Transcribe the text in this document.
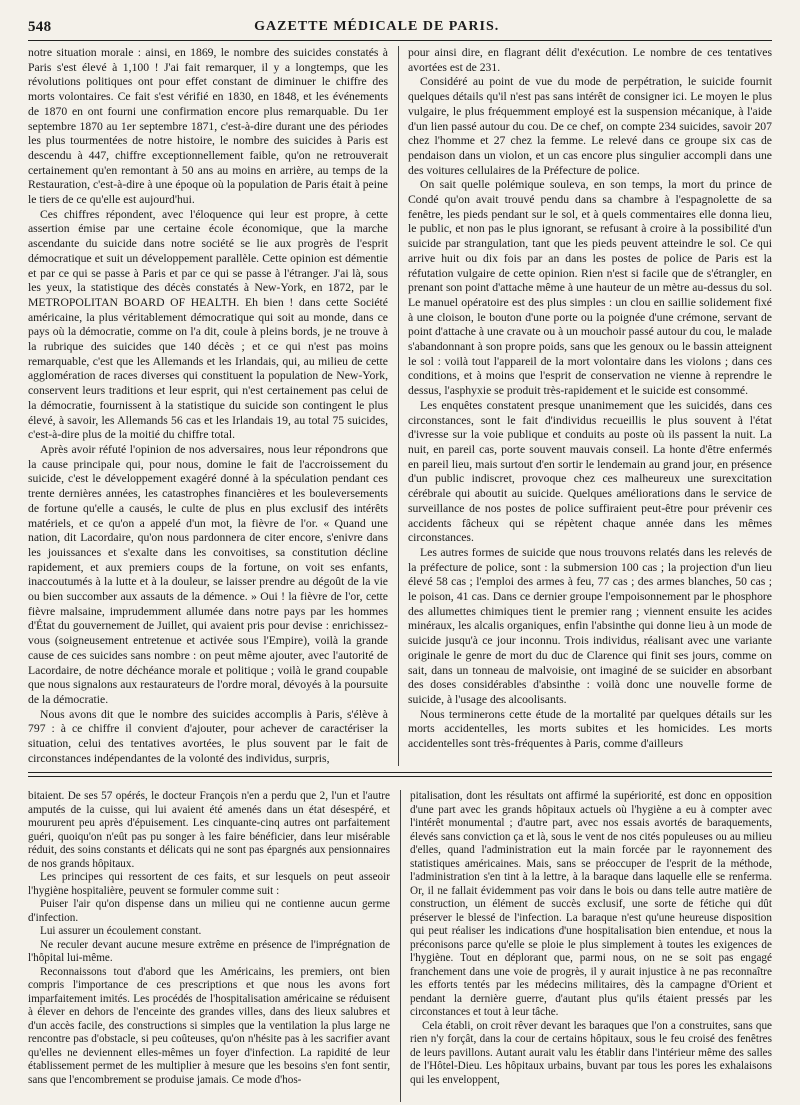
548	GAZETTE MÉDICALE DE PARIS.

notre situation morale : ainsi, en 1869, le nombre des suicides constatés à Paris s'est élevé à 1,100 ! J'ai fait remarquer, il y a longtemps, que les révolutions politiques ont pour effet constant de diminuer le chiffre des morts volontaires. Ce fait s'est vérifié en 1830, en 1848, et les événements de 1870 en ont fourni une confirmation encore plus remarquable. Du 1er septembre 1870 au 1er septembre 1871, c'est-à-dire durant une des périodes les plus tourmentées de notre histoire, le nombre des suicides à Paris est descendu à 447, chiffre exceptionnellement faible, qu'on ne retrouverait certainement qu'en remontant à 50 ans au moins en arrière, au temps de la Restauration, c'est-à-dire à une époque où la population de Paris était à peine le tiers de ce qu'elle est aujourd'hui.

Ces chiffres répondent, avec l'éloquence qui leur est propre, à cette assertion émise par une certaine école économique, que la marche ascendante du suicide dans notre société se lie aux progrès de l'esprit démocratique et suit un développement parallèle. Cette opinion est démentie et par ce qui se passe à Paris et par ce qui se passe à l'étranger. J'ai là, sous les yeux, la statistique des décès constatés à New-York, en 1872, par le METROPOLITAN BOARD OF HEALTH. Eh bien ! dans cette Société américaine, la plus véritablement démocratique qui soit au monde, dans ce pays où la démocratie, comme on l'a dit, coule à pleins bords, je ne trouve à la rubrique des suicides que 140 décès ; et ce qui n'est pas moins remarquable, c'est que les Allemands et les Irlandais, qui, au milieu de cette agglomération de races diverses qui constituent la population de New-York, conservent leurs traditions et leur esprit, qui n'est certainement pas celui de la démocratie, fournissent à la statistique du suicide son contingent le plus élevé, à savoir, les Allemands 56 cas et les Irlandais 19, au total 75 suicides, c'est-à-dire plus de la moitié du chiffre total.

Après avoir réfuté l'opinion de nos adversaires, nous leur répondrons que la cause principale qui, pour nous, domine le fait de l'accroissement du suicide, c'est le développement exagéré donné à la spéculation pendant ces trente dernières années, les catastrophes financières et les bouleversements de fortune qu'elle a causés, le culte de plus en plus exclusif des intérêts matériels, et ce qu'on a appelé d'un mot, la fièvre de l'or. « Quand une nation, dit Lacordaire, qu'on nous pardonnera de citer encore, s'enivre dans les jouissances et s'exalte dans les convoitises, sa constitution décline rapidement, et aux premiers coups de la fortune, on voit ses enfants, inaccoutumés à la lutte et à la douleur, se laisser prendre au dégoût de la vie ou bien succomber aux assauts de la démence. » Oui ! la fièvre de l'or, cette fièvre malsaine, imprudemment allumée dans notre pays par les hommes d'État du gouvernement de Juillet, qui avaient pris pour devise : enrichissez-vous (soigneusement entretenue et activée sous l'Empire), voilà la grande cause de ces suicides sans nombre : on peut même ajouter, avec l'autorité de Lacordaire, de notre déchéance morale et politique ; voilà le grand coupable que nous signalons aux restaurateurs de l'ordre moral, dévoyés à la poursuite de la démocratie.

Nous avons dit que le nombre des suicides accomplis à Paris, s'élève à 797 : à ce chiffre il convient d'ajouter, pour achever de caractériser la situation, celui des tentatives avortées, le plus souvent par le fait de circonstances indépendantes de la volonté des individus, surpris,

pour ainsi dire, en flagrant délit d'exécution. Le nombre de ces tentatives avortées est de 231.

Considéré au point de vue du mode de perpétration, le suicide fournit quelques détails qu'il n'est pas sans intérêt de consigner ici. Le moyen le plus vulgaire, le plus fréquemment employé est la suspension mécanique, à l'aide d'un lien passé autour du cou. De ce chef, on compte 234 suicides, savoir 207 chez l'homme et 27 chez la femme. Le relevé dans ce groupe six cas de pendaison dans un violon, et un cas encore plus singulier accompli dans une des voitures cellulaires de la Préfecture de police.

On sait quelle polémique souleva, en son temps, la mort du prince de Condé qu'on avait trouvé pendu dans sa chambre à l'espagnolette de sa fenêtre, les pieds pendant sur le sol, et à quels commentaires elle donna lieu, le public, et non pas le plus ignorant, se refusant à croire à la possibilité d'un suicide par strangulation, tant que les pieds peuvent atteindre le sol. Ce qui arrive huit ou dix fois par an dans les postes de police de Paris est la réfutation vulgaire de cette opinion. Rien n'est si facile que de s'étrangler, en prenant son point d'attache même à une hauteur de un mètre au-dessus du sol. Le manuel opératoire est des plus simples : un clou en saillie solidement fixé à une cloison, le bouton d'une porte ou la poignée d'une crémone, servant de point d'attache à une cravate ou à un mouchoir passé autour du cou, le malade s'abandonnant à son propre poids, sans que les genoux ou le bassin atteignent le sol : voilà tout l'appareil de la mort volontaire dans les violons ; dans ces conditions, et à moins que l'esprit de conservation ne vienne à reprendre le dessus, l'asphyxie se produit très-rapidement et le suicide est consommé.

Les enquêtes constatent presque unanimement que les suicidés, dans ces circonstances, sont le fait d'individus recueillis le plus souvent à l'état d'ivresse sur la voie publique et conduits au poste où ils passent la nuit. La nuit, en pareil cas, porte souvent mauvais conseil. La honte d'être enfermés en pareil lieu, mais surtout d'en sortir le lendemain au grand jour, en présence d'un public indiscret, provoque chez ces malheureux une surexcitation cérébrale qui aboutit au suicide. Quelques améliorations dans le service de surveillance de nos postes de police suffiraient peut-être pour prévenir ces accidents fâcheux qui se répètent chaque année dans les mêmes circonstances.

Les autres formes de suicide que nous trouvons relatés dans les relevés de la préfecture de police, sont : la submersion 100 cas ; la projection d'un lieu élevé 58 cas ; l'emploi des armes à feu, 77 cas ; des armes blanches, 50 cas ; le poison, 41 cas. Dans ce dernier groupe l'empoisonnement par le phosphore des allumettes chimiques tient le premier rang ; viennent ensuite les acides minéraux, les alcalis organiques, enfin l'absinthe qui donne lieu à un mode de suicide jusqu'à ce jour inconnu. Trois individus, réalisant avec une variante originale le genre de mort du duc de Clarence qui finit ses jours, comme on sait, dans un tonneau de malvoisie, ont imaginé de se suicider en absorbant des doses considérables d'absinthe : voilà donc une nouvelle forme de suicide, à l'usage des alcoolisants.

Nous terminerons cette étude de la mortalité par quelques détails sur les morts accidentelles, les morts subites et les homicides. Les morts accidentelles sont très-fréquentes à Paris, comme d'ailleurs

bitaient. De ses 57 opérés, le docteur François n'en a perdu que 2, l'un et l'autre amputés de la cuisse, qui lui avaient été amenés dans un état désespéré, et moururent peu après d'épuisement. Les cinquante-cinq autres ont parfaitement guéri, quoiqu'on n'eût pas pu songer à les faire bénéficier, dans leur misérable réduit, des soins constants et délicats qui ne sont pas épargnés aux pensionnaires de nos grands hôpitaux.

Les principes qui ressortent de ces faits, et sur lesquels on peut asseoir l'hygiène hospitalière, peuvent se formuler comme suit :

Puiser l'air qu'on dispense dans un milieu qui ne contienne aucun germe d'infection.

Lui assurer un écoulement constant.

Ne reculer devant aucune mesure extrême en présence de l'imprégnation de l'hôpital lui-même.

Reconnaissons tout d'abord que les Américains, les premiers, ont bien compris l'importance de ces prescriptions et que nous les avons fort imparfaitement imités. Les procédés de l'hospitalisation américaine se réduisent à élever en dehors de l'enceinte des grandes villes, dans des lieux salubres et d'un accès facile, des constructions si simples que la ventilation la plus large ne rencontre pas d'obstacle, si peu coûteuses, qu'on n'hésite pas à les sacrifier avant qu'elles ne deviennent elles-mêmes un foyer d'infection. La rapidité de leur établissement permet de les multiplier à mesure que les besoins s'en font sentir, sans que l'encombrement se produise jamais. Ce mode d'hos-

pitalisation, dont les résultats ont affirmé la supériorité, est donc en opposition d'une part avec les grands hôpitaux actuels où l'hygiène a eu à compter avec l'intérêt monumental ; d'autre part, avec nos essais avortés de baraquements, élevés sans conviction ça et là, sous le vent de nos cités populeuses ou au milieu d'elles, quand l'administration eut la main forcée par le rayonnement des statistiques américaines. Mais, sans se préoccuper de l'esprit de la méthode, l'administration s'en tint à la lettre, à la baraque dans laquelle elle se renferma. Or, il ne fallait évidemment pas voir dans le bois ou dans telle autre matière de construction, un élément de succès exclusif, une sorte de fétiche qui dût préserver le blessé de l'infection. La baraque n'est qu'une heureuse disposition qui peut réaliser les indications d'une hospitalisation bien entendue, et nous la préconisons parce qu'elle se ploie le plus simplement à toutes les exigences de l'hygiène. Tout en déplorant que, parmi nous, on ne se soit pas engagé franchement dans une voie de progrès, il y aurait injustice à ne pas reconnaître les efforts tentés par les médecins militaires, dès la campagne d'Orient et pendant la dernière guerre, d'autant plus qu'ils étaient pressés par les circonstances et tout à leur tâche.

Cela établi, on croit rêver devant les baraques que l'on a construites, sans que rien n'y forçât, dans la cour de certains hôpitaux, sous le feu croisé des fenêtres de leurs pavillons. Autant aurait valu les établir dans l'intérieur même des salles de l'Hôtel-Dieu. Les hôpitaux urbains, buvant par tous les pores les exhalaisons qui les enveloppent,
